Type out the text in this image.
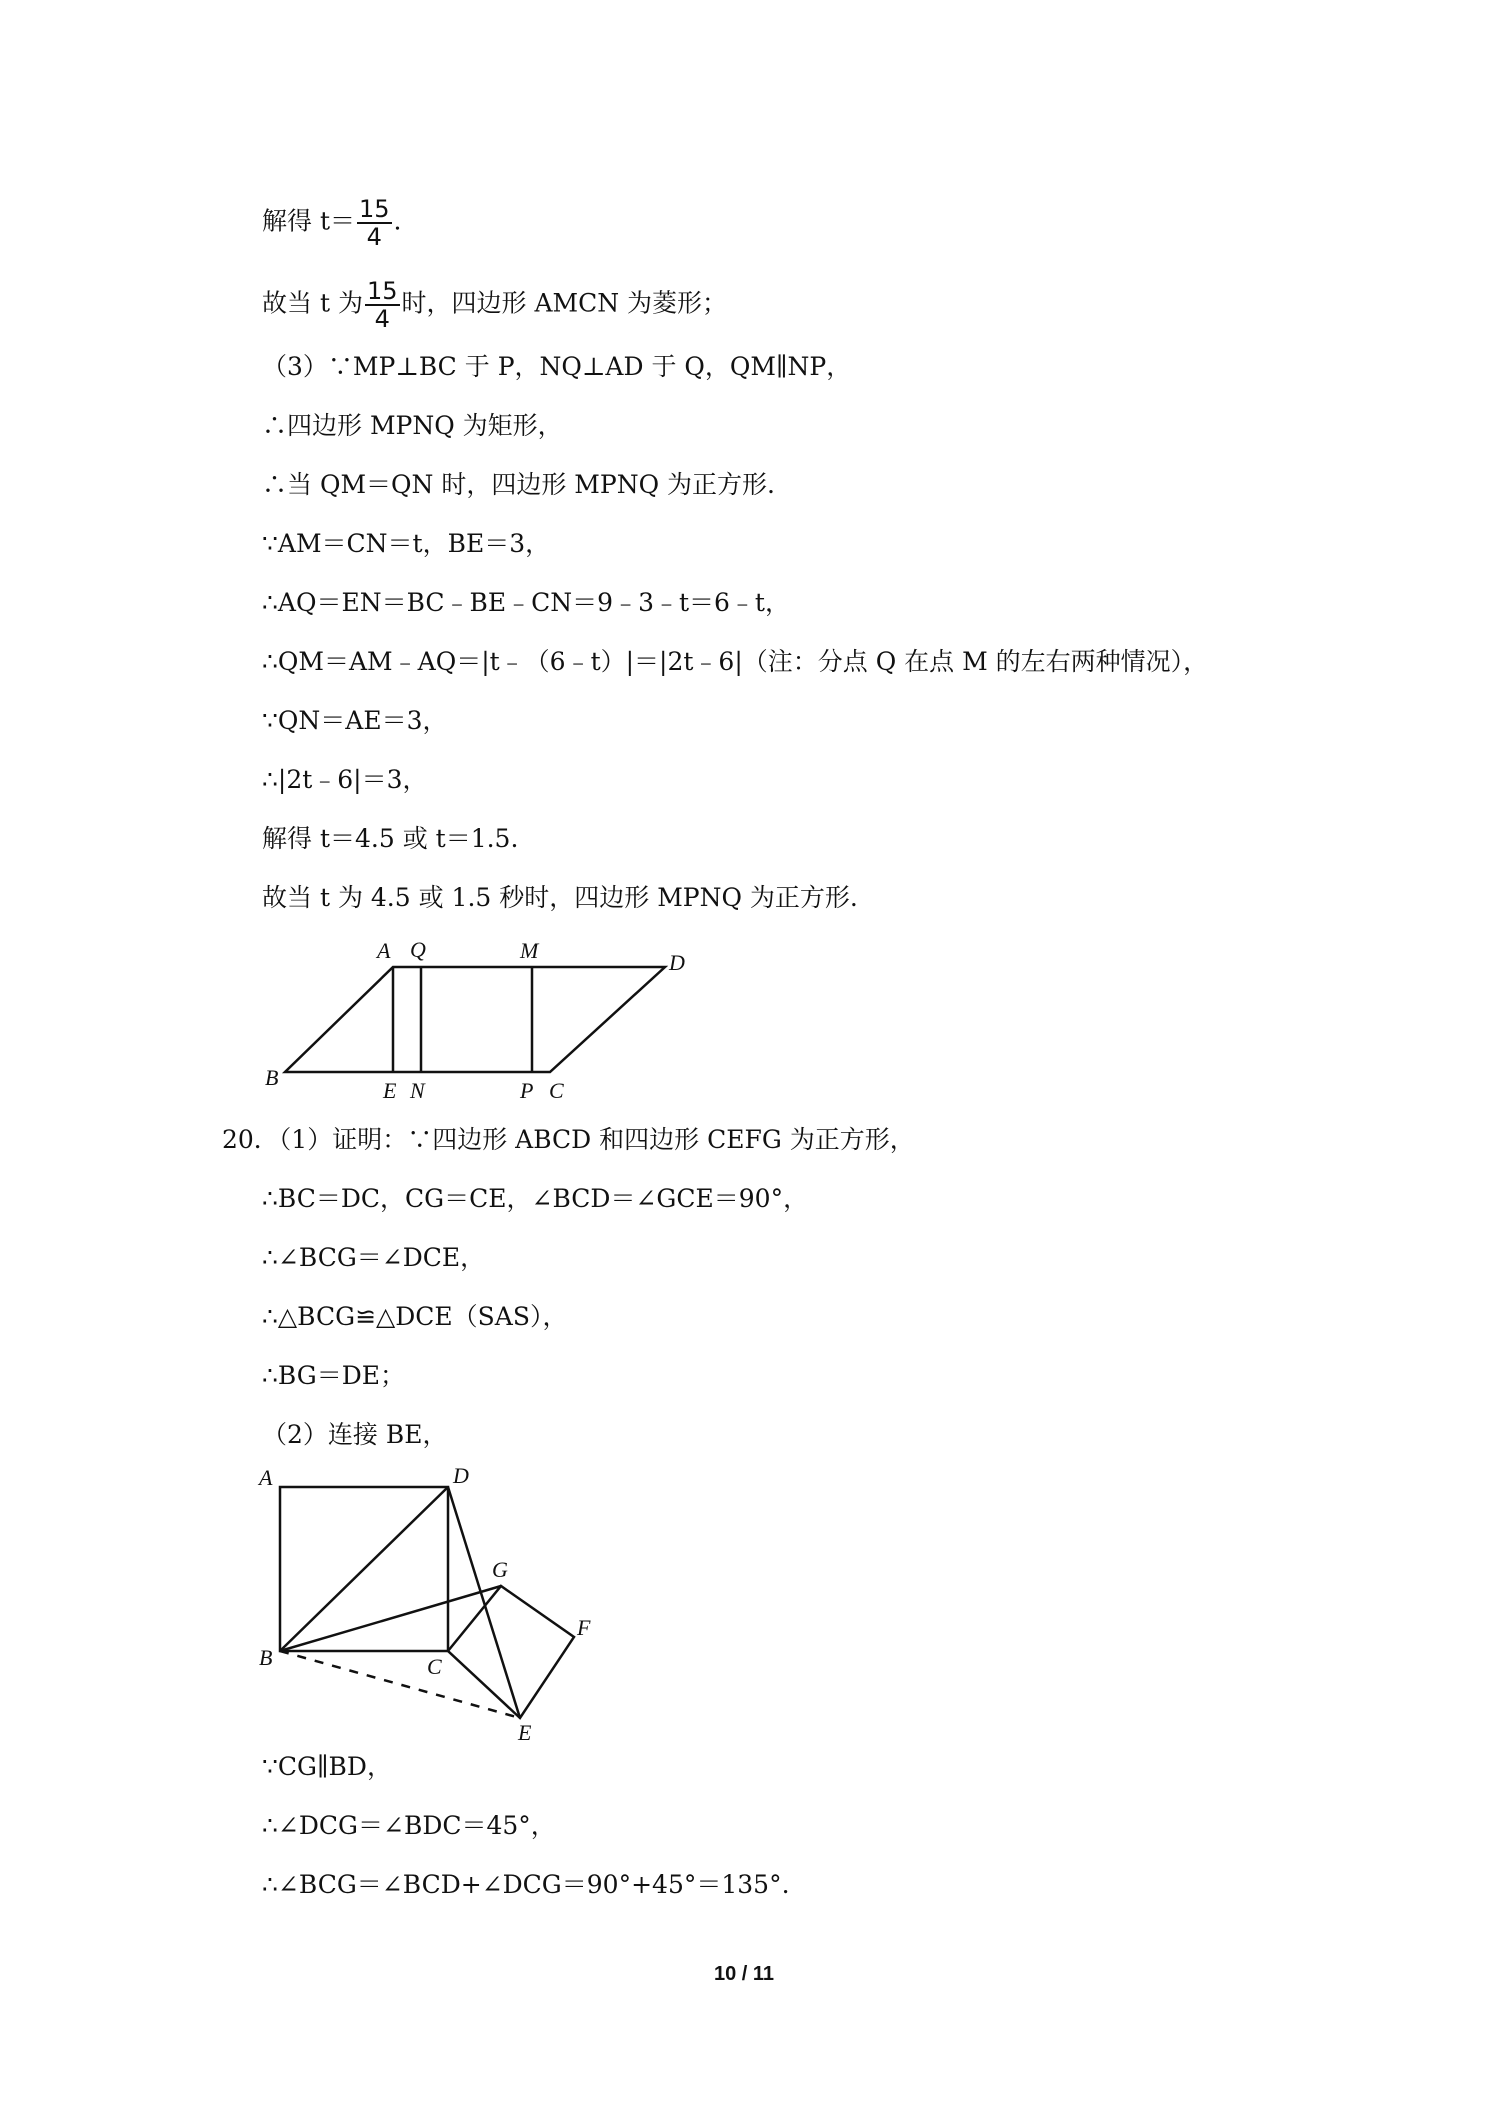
解得 $t= \frac{15}{4}$ .
故当 t 为 $\frac{15}{4}$ 时，四边形 AMCN 为菱形；
（3）∵MP⊥BC 于 P，NQ⊥AD 于 Q，QM∥NP，
∴四边形 MPNQ 为矩形，
∴当 QM＝QN 时，四边形 MPNQ 为正方形.
∵AM＝CN＝t，BE＝3，
∴AQ＝EN＝BC﹣BE﹣CN＝9﹣3﹣t＝6﹣t，
∴QM＝AM﹣AQ＝|t﹣（6﹣t）|＝|2t﹣6|（注：分点 Q 在点 M 的左右两种情况），
∵QN＝AE＝3，
∴|2t﹣6|＝3，
解得 t＝4.5 或 t＝1.5.
故当 t 为 4.5 或 1.5 秒时，四边形 MPNQ 为正方形.
A Q	M	D
B
E N	P C
20．（1）证明：∵四边形 ABCD 和四边形 CEFG 为正方形，
∴BC＝DC，CG＝CE，∠BCD＝∠GCE＝90°，
∴∠BCG＝∠DCE，
∴△BCG≌△DCE（SAS），
∴BG＝DE；
（2）连接 BE，
A	D
G
F
B	C
E
∵CG∥BD，
∴∠DCG＝∠BDC＝45°，
∴∠BCG＝∠BCD+∠DCG＝90°+45°＝135°.
10 / 11
